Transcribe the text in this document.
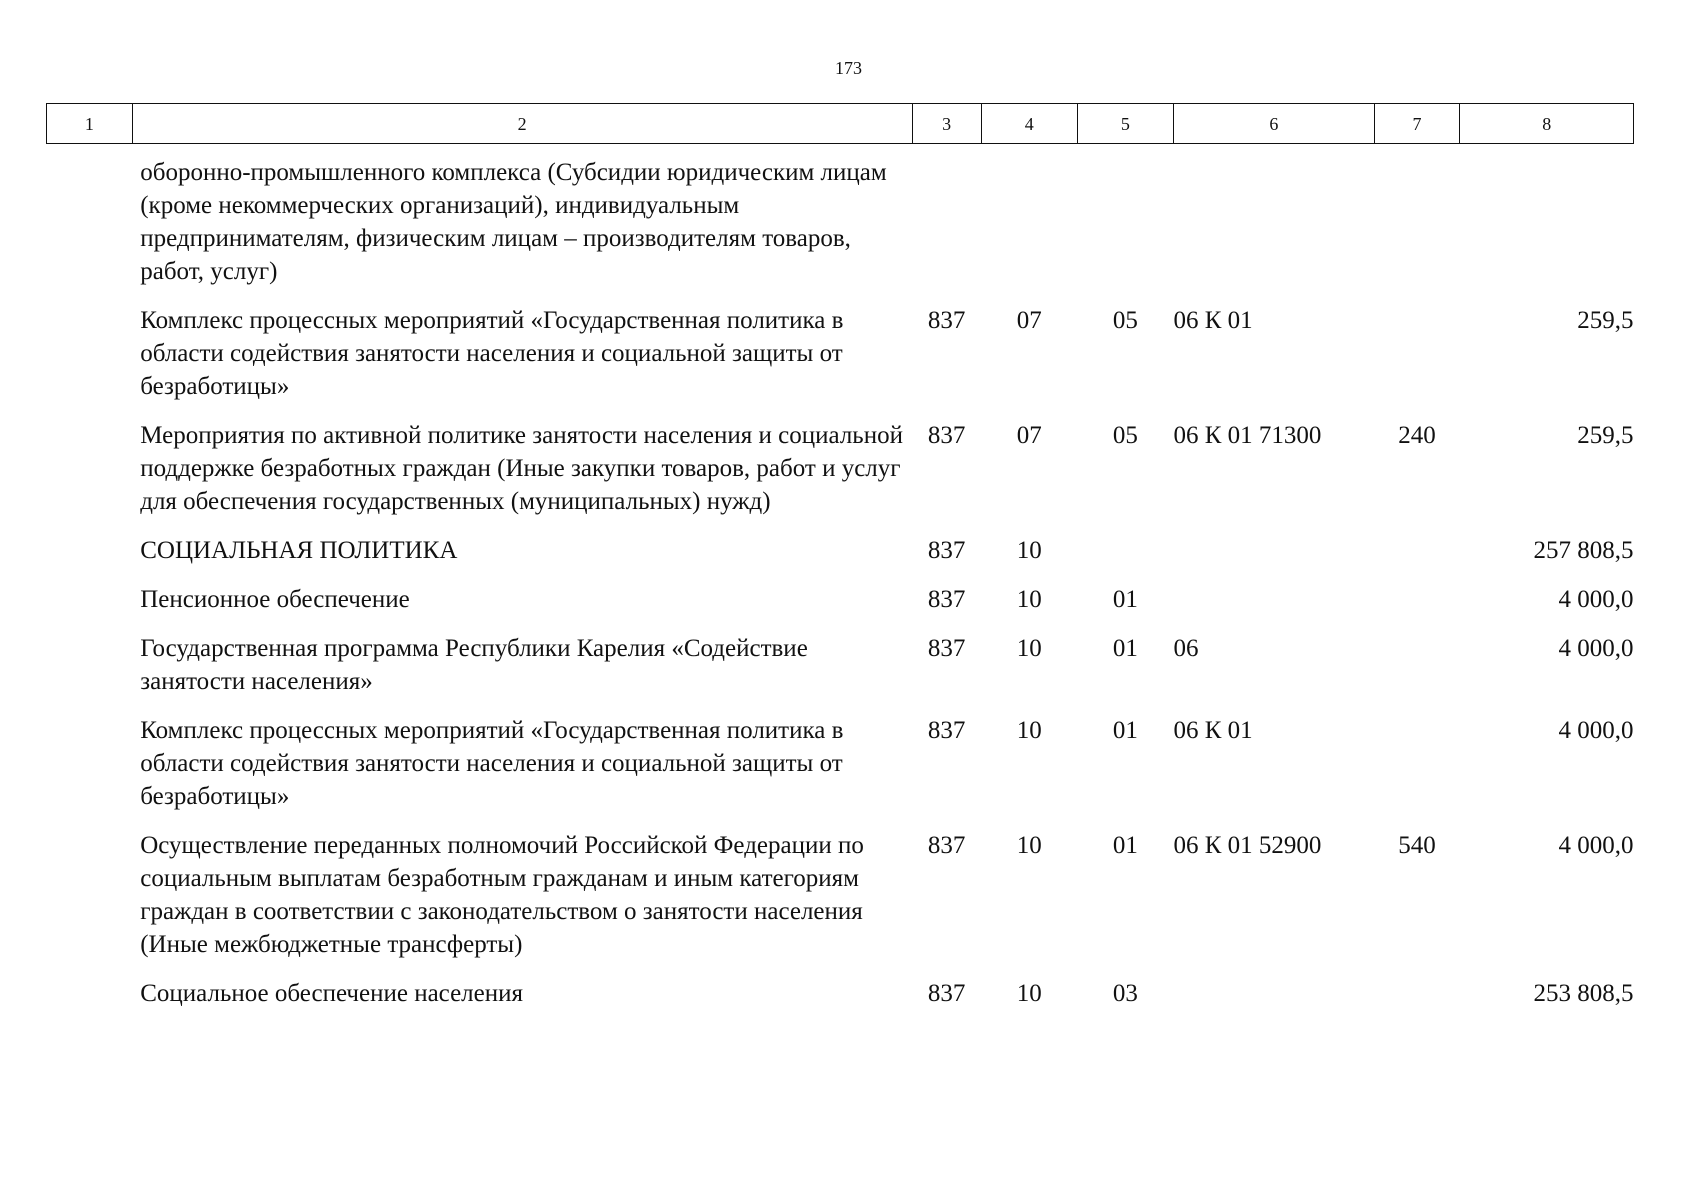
173
1	2	3	4	5	6	7	8
	оборонно-промышленного комплекса (Субсидии юридическим лицам (кроме некоммерческих организаций), индивидуальным предпринимателям, физическим лицам – производителям товаров, работ, услуг)						
	Комплекс процессных мероприятий «Государственная политика в области содействия занятости населения и социальной защиты от безработицы»	837	07	05	06 К 01		259,5
	Мероприятия по активной политике занятости населения и социальной поддержке безработных граждан (Иные закупки товаров, работ и услуг для обеспечения государственных (муниципальных) нужд)	837	07	05	06 К 01 71300	240	259,5
	СОЦИАЛЬНАЯ ПОЛИТИКА	837	10				257 808,5
	Пенсионное обеспечение	837	10	01			4 000,0
	Государственная программа Республики Карелия «Содействие занятости населения»	837	10	01	06		4 000,0
	Комплекс процессных мероприятий «Государственная политика в области содействия занятости населения и социальной защиты от безработицы»	837	10	01	06 К 01		4 000,0
	Осуществление переданных полномочий Российской Федерации по социальным выплатам безработным гражданам и иным категориям граждан в соответствии с законодательством о занятости населения (Иные межбюджетные трансферты)	837	10	01	06 К 01 52900	540	4 000,0
	Социальное обеспечение населения	837	10	03			253 808,5
